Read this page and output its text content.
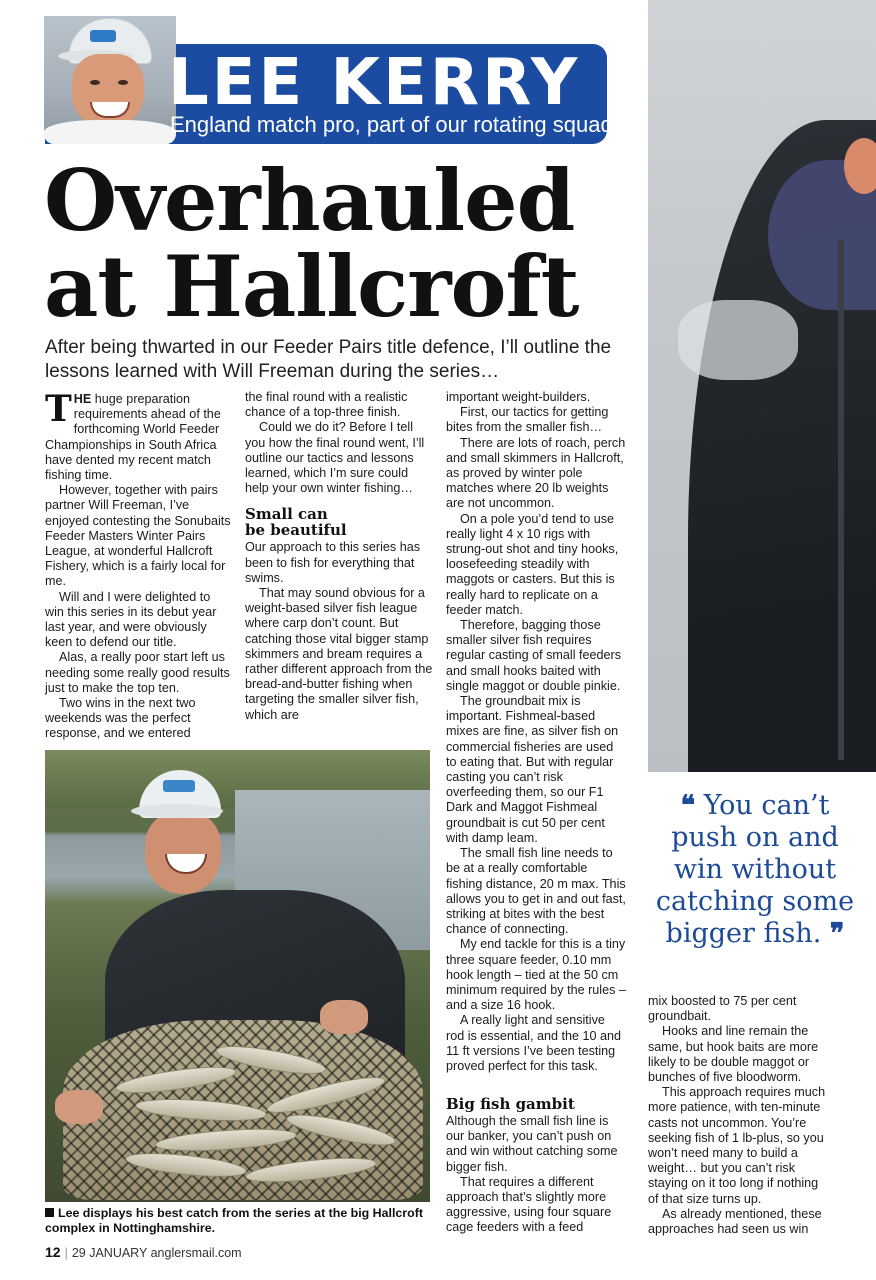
LEE KERRY
England match pro, part of our rotating squad.
Overhauled
at Hallcroft
After being thwarted in our Feeder Pairs title defence, I’ll outline the lessons learned with Will Freeman during the series…

THE huge preparation requirements ahead of the forthcoming World Feeder Championships in South Africa have dented my recent match fishing time.

However, together with pairs partner Will Freeman, I’ve enjoyed contesting the Sonubaits Feeder Masters Winter Pairs League, at wonderful Hallcroft Fishery, which is a fairly local for me.

Will and I were delighted to win this series in its debut year last year, and were obviously keen to defend our title.

Alas, a really poor start left us needing some really good results just to make the top ten.

Two wins in the next two weekends was the perfect response, and we entered

the final round with a realistic chance of a top-three finish.

Could we do it? Before I tell you how the final round went, I’ll outline our tactics and lessons learned, which I’m sure could help your own winter fishing…

Small can
be beautiful

Our approach to this series has been to fish for everything that swims.

That may sound obvious for a weight-based silver fish league where carp don’t count. But catching those vital bigger stamp skimmers and bream requires a rather different approach from the bread-and-butter fishing when targeting the smaller silver fish, which are

important weight-builders.

First, our tactics for getting bites from the smaller fish…

There are lots of roach, perch and small skimmers in Hallcroft, as proved by winter pole matches where 20 lb weights are not uncommon.

On a pole you’d tend to use really light 4 x 10 rigs with strung-out shot and tiny hooks, loosefeeding steadily with maggots or casters. But this is really hard to replicate on a feeder match.

Therefore, bagging those smaller silver fish requires regular casting of small feeders and small hooks baited with single maggot or double pinkie.

The groundbait mix is important. Fishmeal-based mixes are fine, as silver fish on commercial fisheries are used to eating that. But with regular casting you can’t risk overfeeding them, so our F1 Dark and Maggot Fishmeal groundbait is cut 50 per cent with damp leam.

The small fish line needs to be at a really comfortable fishing distance, 20 m max. This allows you to get in and out fast, striking at bites with the best chance of connecting.

My end tackle for this is a tiny three square feeder, 0.10 mm hook length – tied at the 50 cm minimum required by the rules – and a size 16 hook.

A really light and sensitive rod is essential, and the 10 and 11 ft versions I’ve been testing proved perfect for this task.

Big fish gambit

Although the small fish line is our banker, you can’t push on and win without catching some bigger fish.

That requires a different approach that’s slightly more aggressive, using four square cage feeders with a feed

❝ You can’t push on and win without catching some bigger fish. ❞

mix boosted to 75 per cent groundbait.

Hooks and line remain the same, but hook baits are more likely to be double maggot or bunches of five bloodworm.

This approach requires much more patience, with ten-minute casts not uncommon. You’re seeking fish of 1 lb-plus, so you won’t need many to build a weight… but you can’t risk staying on it too long if nothing of that size turns up.

As already mentioned, these approaches had seen us win

Lee displays his best catch from the series at the big Hallcroft complex in Nottinghamshire.
12 | 29 JANUARY anglersmail.com
